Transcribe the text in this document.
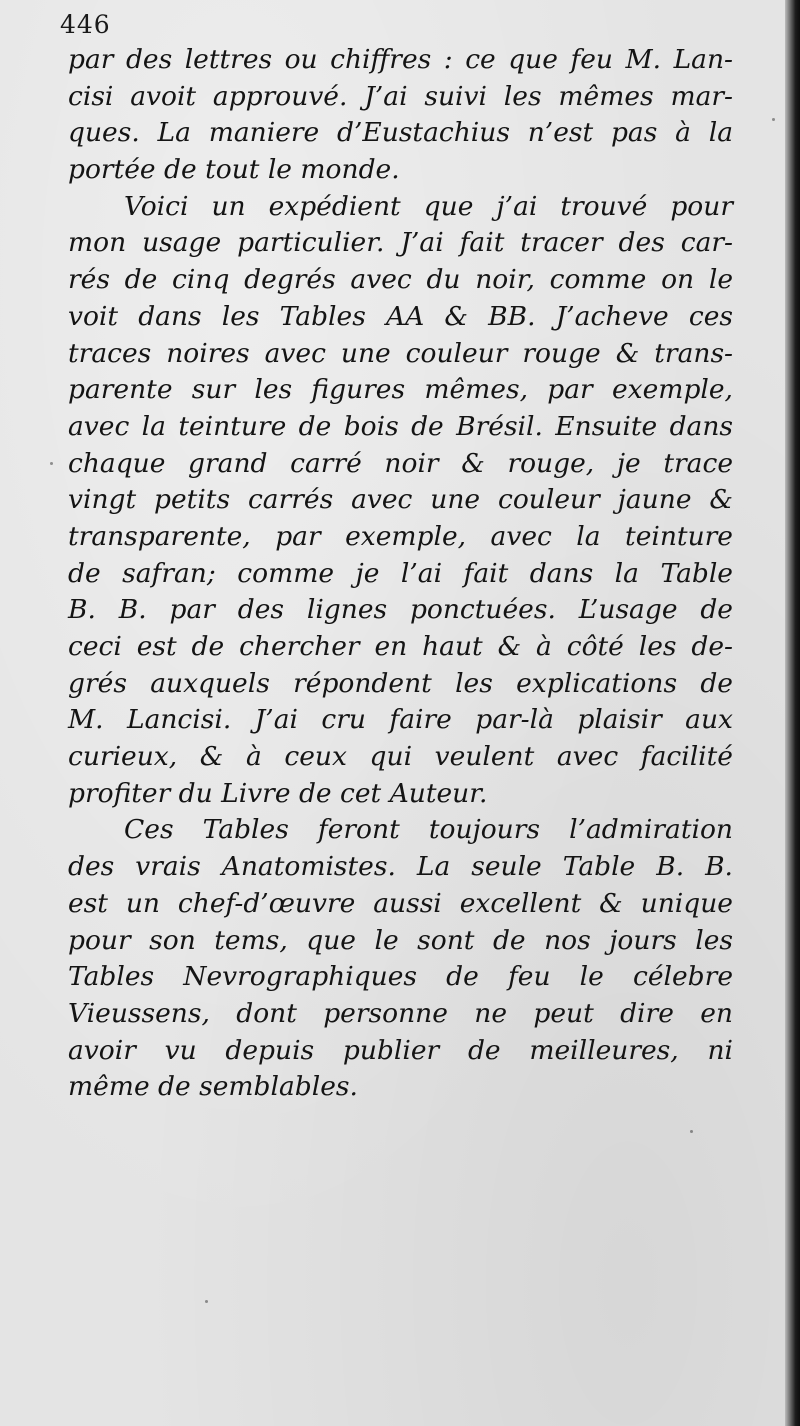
446
par des lettres ou chiffres : ce que feu M. Lan-
cisi avoit approuvé. J’ai suivi les mêmes mar-
ques. La maniere d’Eustachius n’est pas à la
portée de tout le monde.
Voici un expédient que j’ai trouvé pour
mon usage particulier. J’ai fait tracer des car-
rés de cinq degrés avec du noir, comme on le
voit dans les Tables AA & BB. J’acheve ces
traces noires avec une couleur rouge & trans-
parente sur les figures mêmes, par exemple,
avec la teinture de bois de Brésil. Ensuite dans
chaque grand carré noir & rouge, je trace
vingt petits carrés avec une couleur jaune &
transparente, par exemple, avec la teinture
de safran; comme je l’ai fait dans la Table
B. B. par des lignes ponctuées. L’usage de
ceci est de chercher en haut & à côté les de-
grés auxquels répondent les explications de
M. Lancisi. J’ai cru faire par-là plaisir aux
curieux, & à ceux qui veulent avec facilité
profiter du Livre de cet Auteur.
Ces Tables feront toujours l’admiration
des vrais Anatomistes. La seule Table B. B.
est un chef-d’œuvre aussi excellent & unique
pour son tems, que le sont de nos jours les
Tables Nevrographiques de feu le célebre
Vieussens, dont personne ne peut dire en
avoir vu depuis publier de meilleures, ni
même de semblables.
